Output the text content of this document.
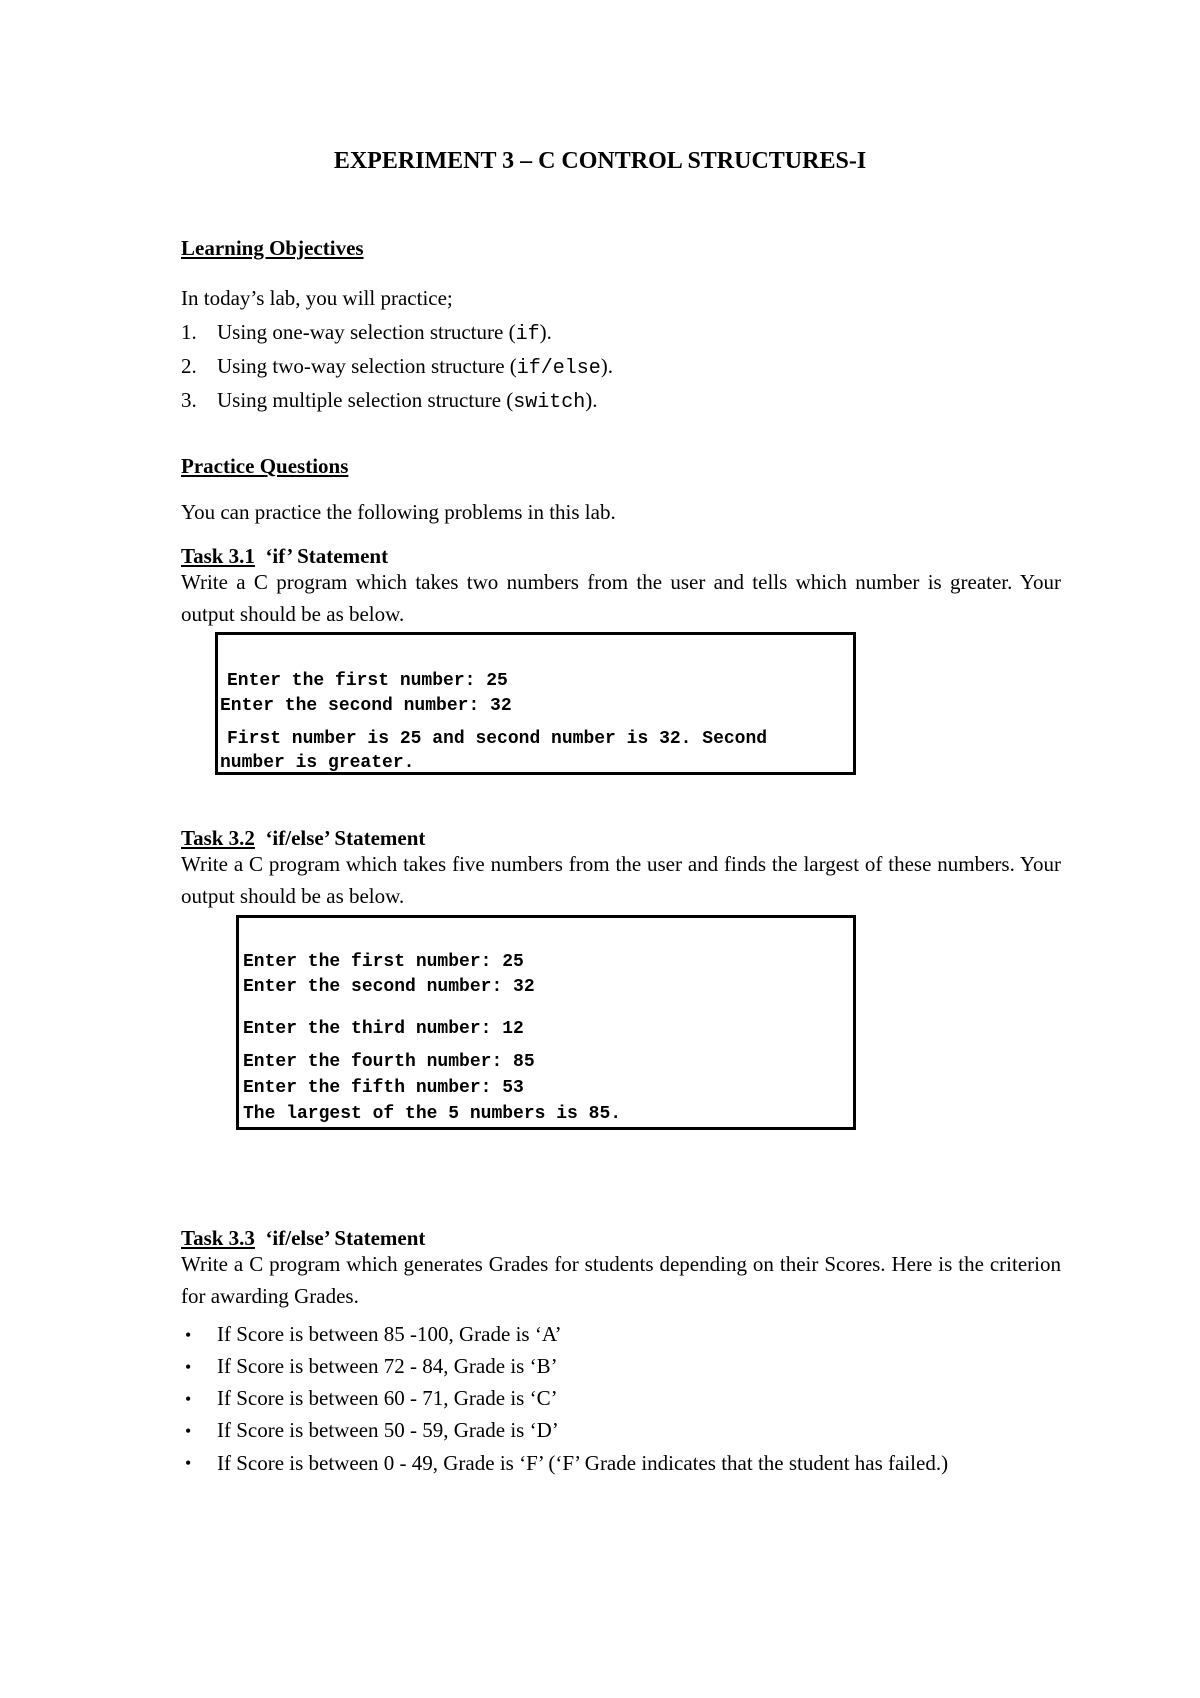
EXPERIMENT 3 – C CONTROL STRUCTURES-I

Learning Objectives

In today’s lab, you will practice;

1. Using one-way selection structure (if).
2. Using two-way selection structure (if/else).
3. Using multiple selection structure (switch).

Practice Questions

You can practice the following problems in this lab.

Task 3.1 ‘if’ Statement

Write a C program which takes two numbers from the user and tells which number is greater. Your output should be as below.

Enter the first number: 25

Enter the second number: 32

First number is 25 and second number is 32. Second

number is greater.

Task 3.2 ‘if/else’ Statement

Write a C program which takes five numbers from the user and finds the largest of these numbers. Your output should be as below.

Enter the first number: 25

Enter the second number: 32

Enter the third number: 12

Enter the fourth number: 85

Enter the fifth number: 53

The largest of the 5 numbers is 85.

Task 3.3 ‘if/else’ Statement

Write a C program which generates Grades for students depending on their Scores. Here is the criterion for awarding Grades.

• If Score is between 85 -100, Grade is ‘A’
• If Score is between 72 - 84, Grade is ‘B’
• If Score is between 60 - 71, Grade is ‘C’
• If Score is between 50 - 59, Grade is ‘D’
• If Score is between 0 - 49, Grade is ‘F’ (‘F’ Grade indicates that the student has failed.)
